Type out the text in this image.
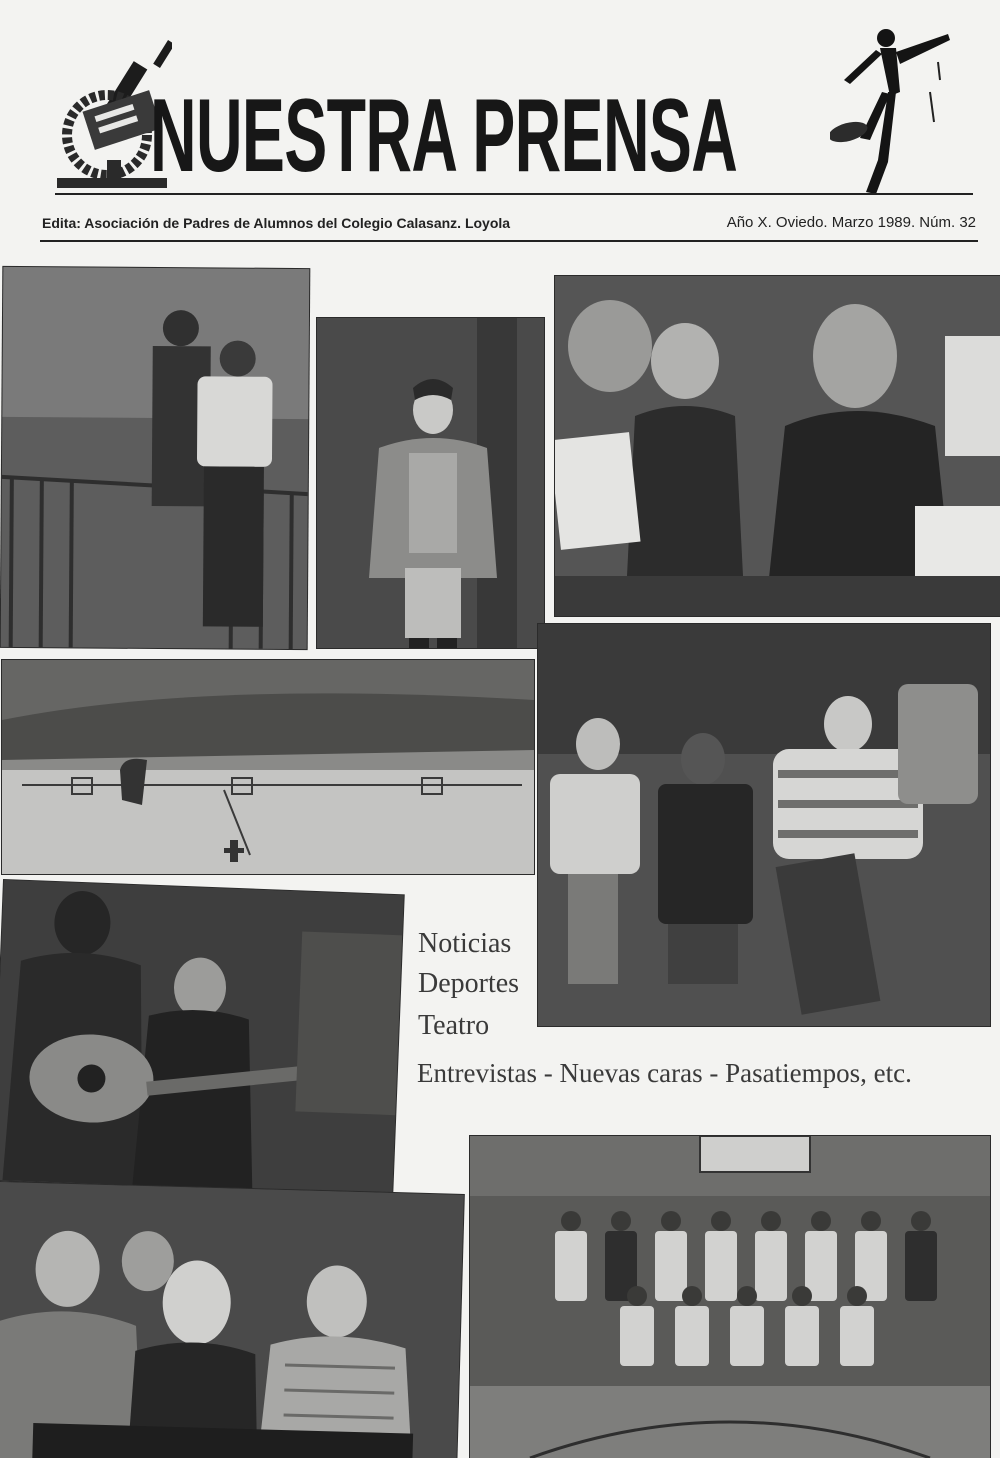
NUESTRA PRENSA
Edita: Asociación de Padres de Alumnos del Colegio Calasanz. Loyola	Año X. Oviedo. Marzo 1989. Núm. 32
Noticias
Deportes
Teatro
Entrevistas - Nuevas caras - Pasatiempos, etc.
